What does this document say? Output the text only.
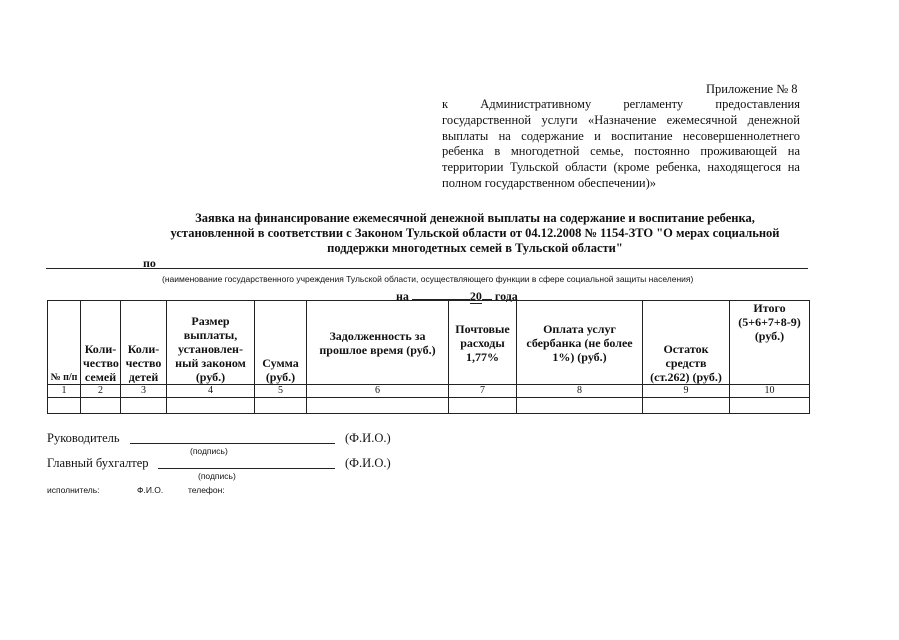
Приложение № 8
к Административному регламенту предоставления государственной услуги «Назначение ежемесячной денежной выплаты на содержание и воспитание несовершеннолетнего ребенка в многодетной семье, постоянно проживающей на территории Тульской области (кроме ребенка, находящегося на полном государственном обеспечении)»
Заявка на финансирование ежемесячной денежной выплаты на содержание и воспитание ребенка,
установленной в соответствии с Законом Тульской области от 04.12.2008 № 1154-ЗТО "О мерах социальной
поддержки многодетных семей в Тульской области"
по
(наименование государственного учреждения Тульской области, осуществляющего функции в сфере социальной защиты населения)
на	20 года
№ п/п	Коли-чество семей	Коли-чество детей	Размер выплаты, установлен-ный законом (руб.)	Сумма (руб.)	Задолженность за прошлое время (руб.)	Почтовые расходы 1,77%	Оплата услуг сбербанка (не более 1%) (руб.)	Остаток средств (ст.262) (руб.)	Итого (5+6+7+8-9) (руб.)
1	2	3	4	5	6	7	8	9	10

Руководитель	(Ф.И.О.)
(подпись)
Главный бухгалтер	(Ф.И.О.)
(подпись)
исполнитель:	Ф.И.О.	телефон:
